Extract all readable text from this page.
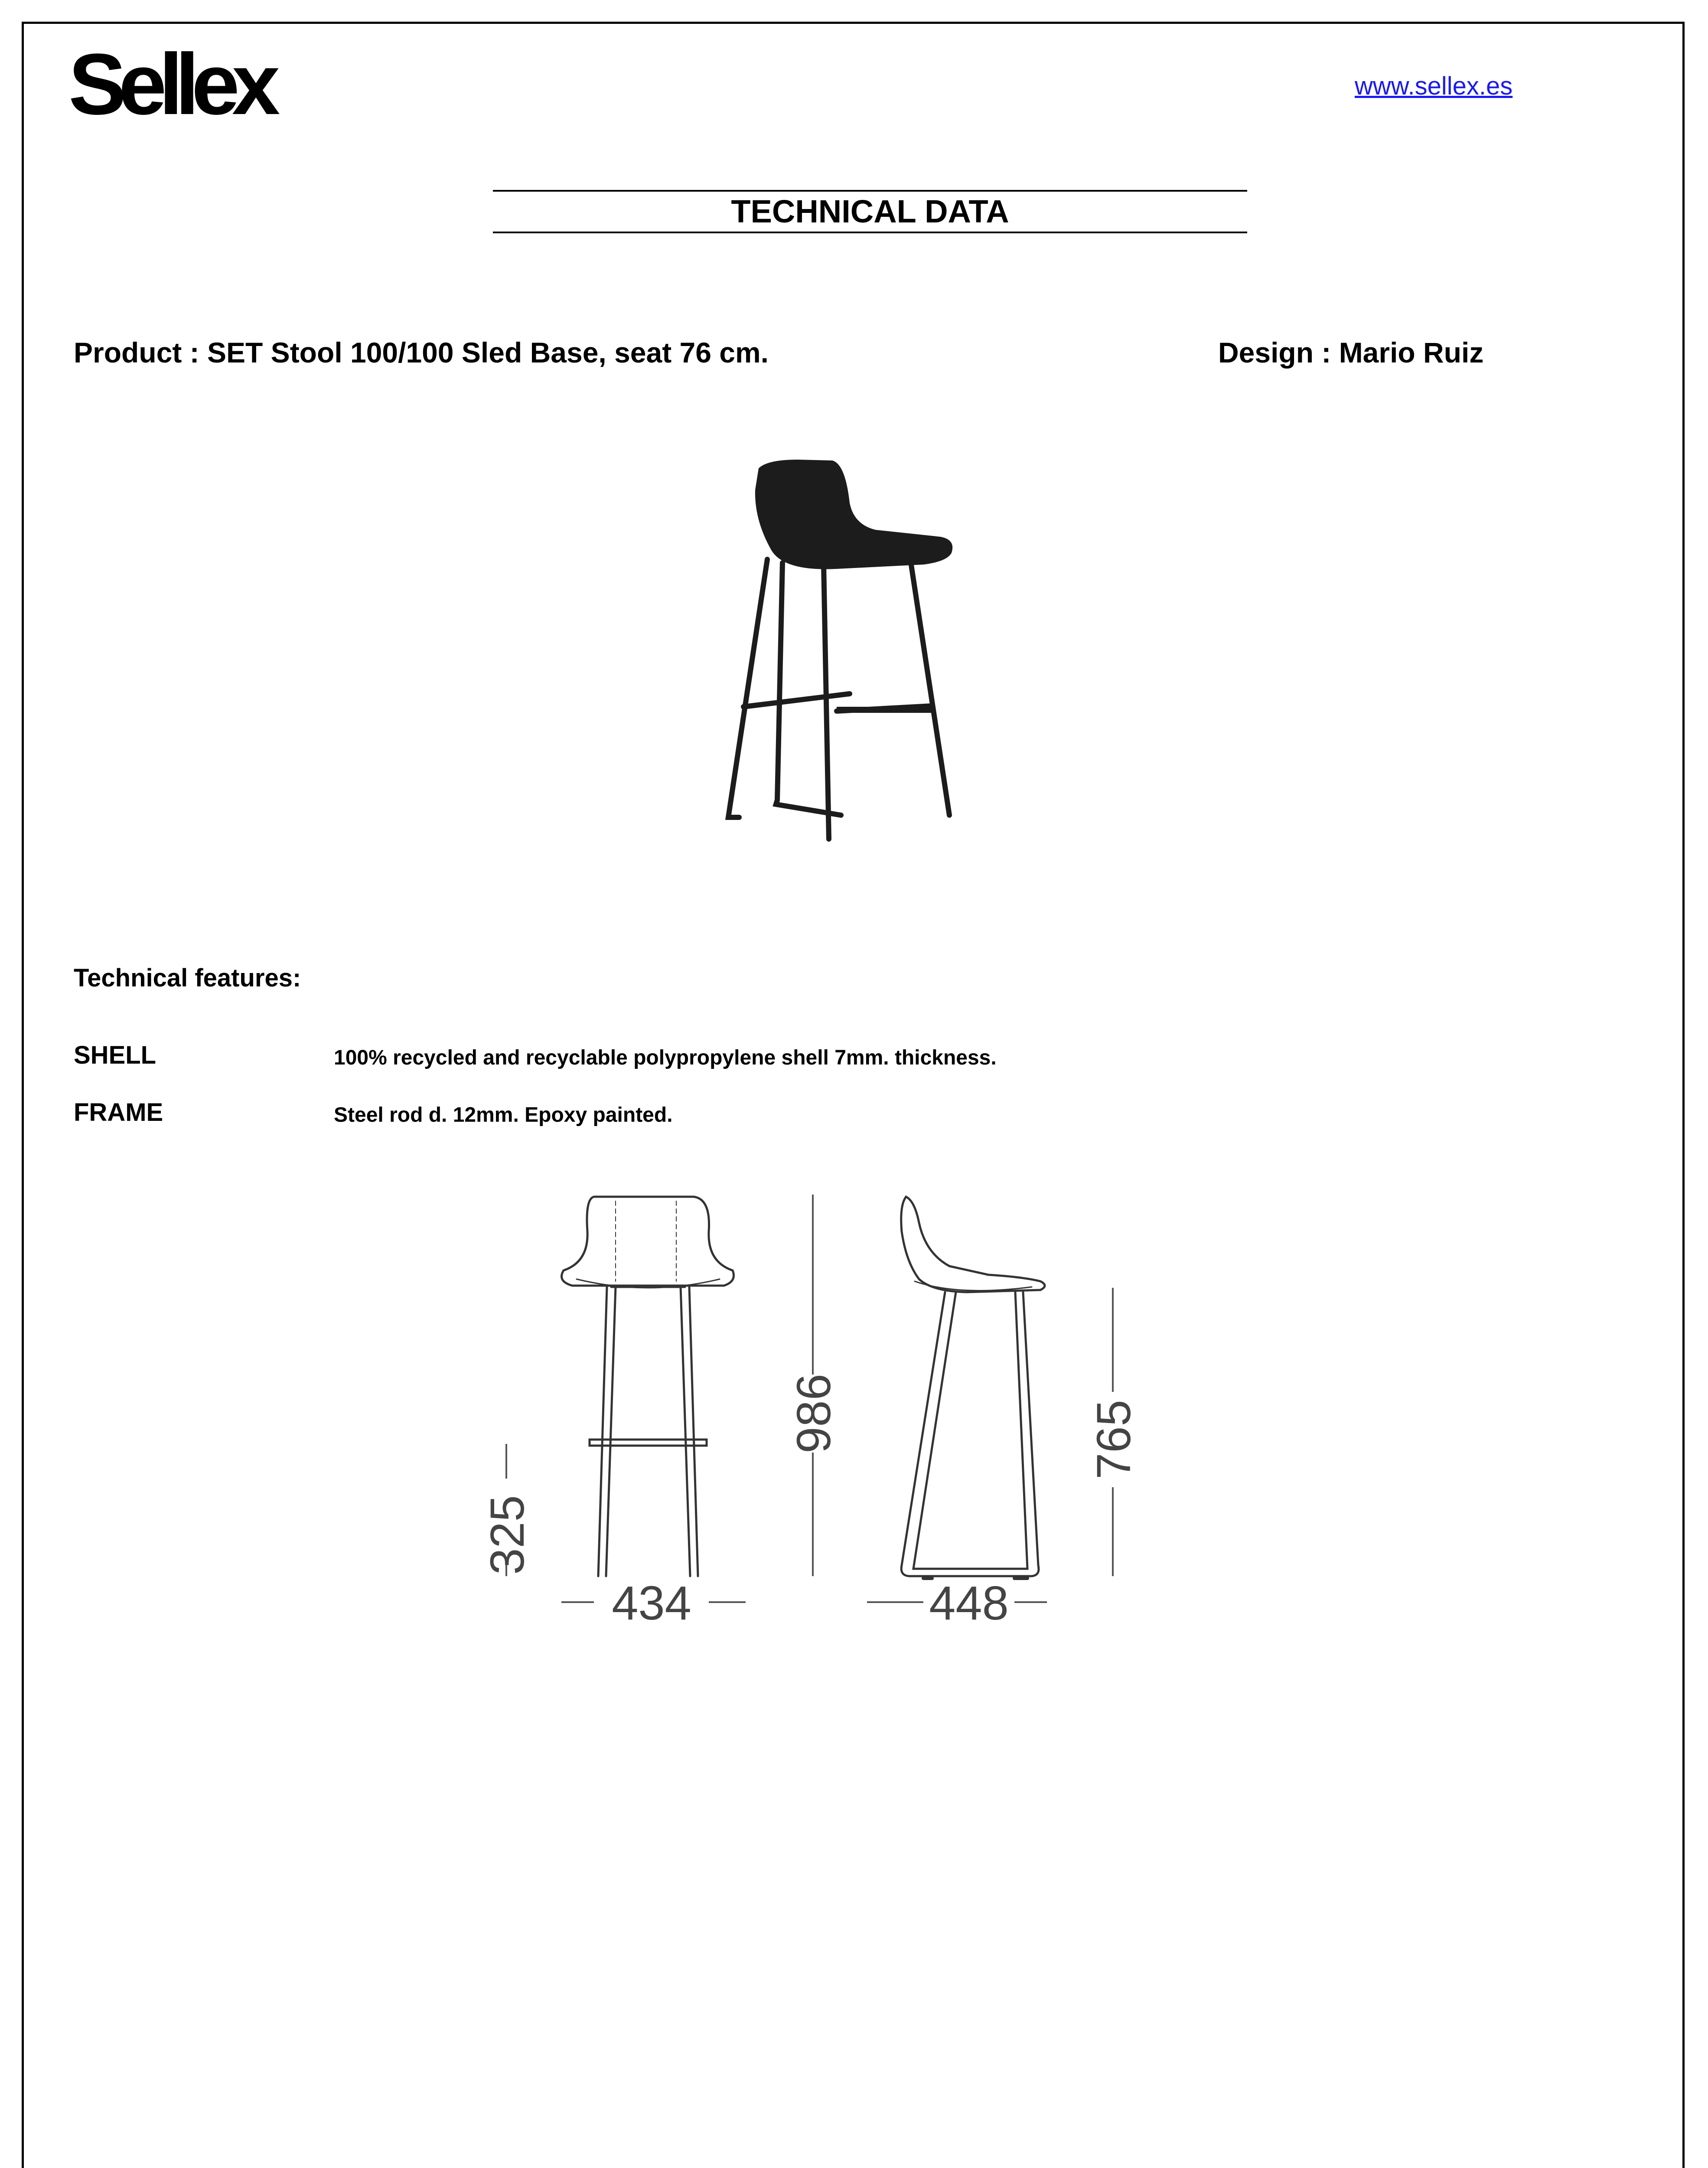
Sellex	www.sellex.es
TECHNICAL DATA
Product : SET Stool 100/100 Sled Base, seat 76 cm.	Design : Mario Ruiz
Technical features:
SHELL	100% recycled and recyclable polypropylene shell 7mm. thickness.
FRAME	Steel rod d. 12mm. Epoxy painted.
325
434
986
448
765
